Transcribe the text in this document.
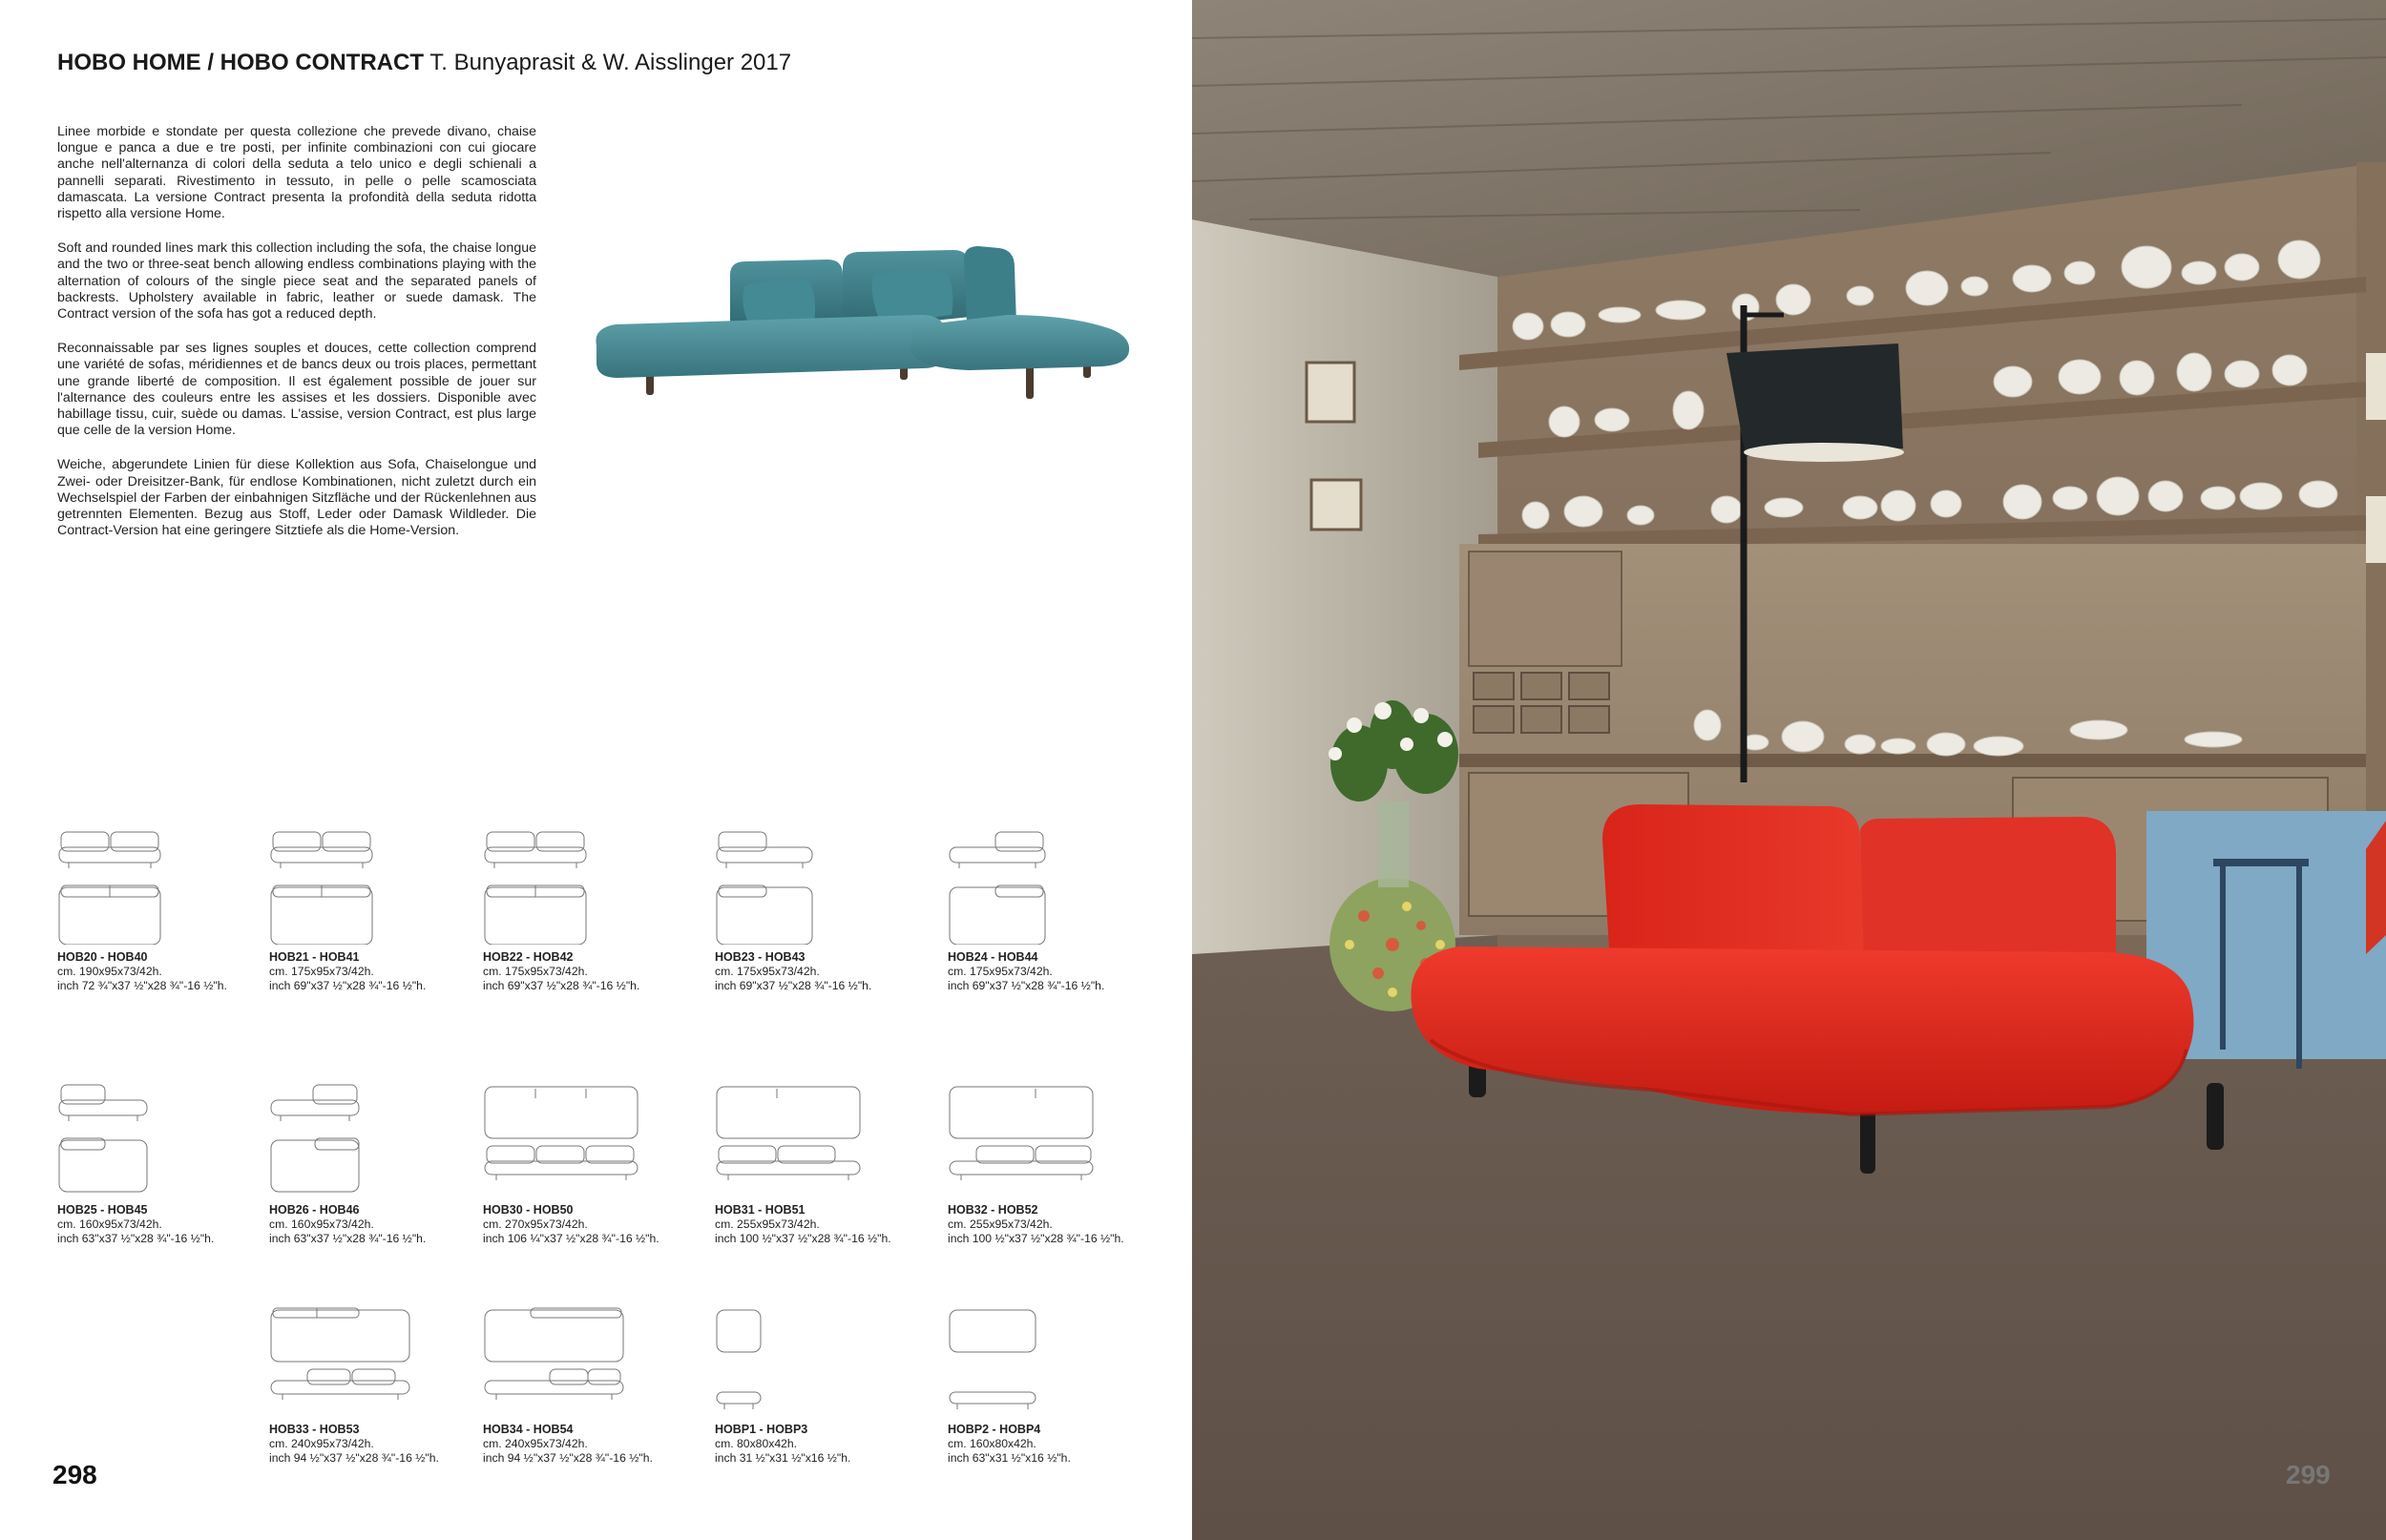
HOBO HOME / HOBO CONTRACT T. Bunyaprasit & W. Aisslinger 2017

Linee morbide e stondate per questa collezione che prevede divano, chaise longue e panca a due e tre posti, per infinite combinazioni con cui giocare anche nell'alternanza di colori della seduta a telo unico e degli schienali a pannelli separati. Rivestimento in tessuto, in pelle o pelle scamosciata damascata. La versione Contract presenta la profondità della seduta ridotta rispetto alla versione Home.

Soft and rounded lines mark this collection including the sofa, the chaise longue and the two or three-seat bench allowing endless combinations playing with the alternation of colours of the single piece seat and the separated panels of backrests. Upholstery available in fabric, leather or suede damask. The Contract version of the sofa has got a reduced depth.

Reconnaissable par ses lignes souples et douces, cette collection comprend une variété de sofas, méridiennes et de bancs deux ou trois places, permettant une grande liberté de composition. Il est également possible de jouer sur l'alternance des couleurs entre les assises et les dossiers. Disponible avec habillage tissu, cuir, suède ou damas. L'assise, version Contract, est plus large que celle de la version Home.

Weiche, abgerundete Linien für diese Kollektion aus Sofa, Chaiselongue und Zwei- oder Dreisitzer-Bank, für endlose Kombinationen, nicht zuletzt durch ein Wechselspiel der Farben der einbahnigen Sitzfläche und der Rückenlehnen aus getrennten Elementen. Bezug aus Stoff, Leder oder Damask Wildleder. Die Contract-Version hat eine geringere Sitztiefe als die Home-Version.

HOB20 - HOB40
cm. 190x95x73/42h.
inch 72 ¾"x37 ½"x28 ¾"-16 ½"h.
HOB21 - HOB41
cm. 175x95x73/42h.
inch 69"x37 ½"x28 ¾"-16 ½"h.
HOB22 - HOB42
cm. 175x95x73/42h.
inch 69"x37 ½"x28 ¾"-16 ½"h.
HOB23 - HOB43
cm. 175x95x73/42h.
inch 69"x37 ½"x28 ¾"-16 ½"h.
HOB24 - HOB44
cm. 175x95x73/42h.
inch 69"x37 ½"x28 ¾"-16 ½"h.
HOB25 - HOB45
cm. 160x95x73/42h.
inch 63"x37 ½"x28 ¾"-16 ½"h.
HOB26 - HOB46
cm. 160x95x73/42h.
inch 63"x37 ½"x28 ¾"-16 ½"h.
HOB30 - HOB50
cm. 270x95x73/42h.
inch 106 ¼"x37 ½"x28 ¾"-16 ½"h.
HOB31 - HOB51
cm. 255x95x73/42h.
inch 100 ½"x37 ½"x28 ¾"-16 ½"h.
HOB32 - HOB52
cm. 255x95x73/42h.
inch 100 ½"x37 ½"x28 ¾"-16 ½"h.
HOB33 - HOB53
cm. 240x95x73/42h.
inch 94 ½"x37 ½"x28 ¾"-16 ½"h.
HOB34 - HOB54
cm. 240x95x73/42h.
inch 94 ½"x37 ½"x28 ¾"-16 ½"h.
HOBP1 - HOBP3
cm. 80x80x42h.
inch 31 ½"x31 ½"x16 ½"h.
HOBP2 - HOBP4
cm. 160x80x42h.
inch 63"x31 ½"x16 ½"h.
298	299
